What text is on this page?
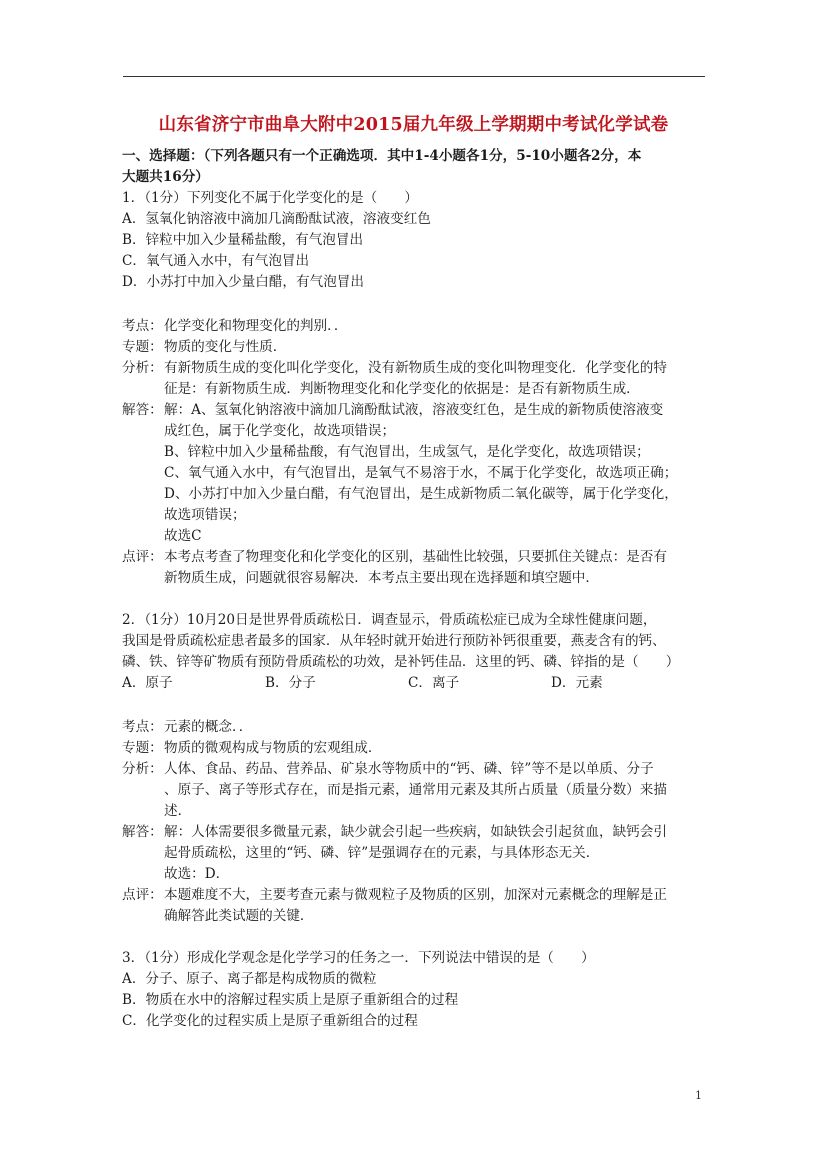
山东省济宁市曲阜大附中2015届九年级上学期期中考试化学试卷
一、选择题：（下列各题只有一个正确选项．其中1-4小题各1分，5-10小题各2分，本
大题共16分）
1．（1分）下列变化不属于化学变化的是（　　）
A．氢氧化钠溶液中滴加几滴酚酞试液，溶液变红色
B．锌粒中加入少量稀盐酸，有气泡冒出
C．氧气通入水中，有气泡冒出
D．小苏打中加入少量白醋，有气泡冒出
考点： 化学变化和物理变化的判别．．
专题： 物质的变化与性质．
分析： 有新物质生成的变化叫化学变化，没有新物质生成的变化叫物理变化．化学变化的特
征是：有新物质生成．判断物理变化和化学变化的依据是：是否有新物质生成．
解答： 解：A、氢氧化钠溶液中滴加几滴酚酞试液，溶液变红色，是生成的新物质使溶液变
成红色，属于化学变化，故选项错误；
B、锌粒中加入少量稀盐酸，有气泡冒出，生成氢气，是化学变化，故选项错误；
C、氧气通入水中，有气泡冒出，是氧气不易溶于水，不属于化学变化，故选项正确；
D、小苏打中加入少量白醋，有气泡冒出，是生成新物质二氧化碳等，属于化学变化，
故选项错误；
故选C
点评： 本考点考查了物理变化和化学变化的区别，基础性比较强，只要抓住关键点：是否有
新物质生成，问题就很容易解决．本考点主要出现在选择题和填空题中．
2．（1分）10月20日是世界骨质疏松日．调查显示，骨质疏松症已成为全球性健康问题，
我国是骨质疏松症患者最多的国家．从年轻时就开始进行预防补钙很重要，燕麦含有的钙、
磷、铁、锌等矿物质有预防骨质疏松的功效，是补钙佳品．这里的钙、磷、锌指的是（　　）
A．原子	B．分子	C．离子	D．元素
考点： 元素的概念．．
专题： 物质的微观构成与物质的宏观组成．
分析： 人体、食品、药品、营养品、矿泉水等物质中的“钙、磷、锌”等不是以单质、分子
、原子、离子等形式存在，而是指元素，通常用元素及其所占质量（质量分数）来描
述．
解答： 解：人体需要很多微量元素，缺少就会引起一些疾病，如缺铁会引起贫血，缺钙会引
起骨质疏松，这里的“钙、磷、锌”是强调存在的元素，与具体形态无关．
故选：D．
点评： 本题难度不大，主要考查元素与微观粒子及物质的区别，加深对元素概念的理解是正
确解答此类试题的关键．
3．（1分）形成化学观念是化学学习的任务之一．下列说法中错误的是（　　）
A．分子、原子、离子都是构成物质的微粒
B．物质在水中的溶解过程实质上是原子重新组合的过程
C．化学变化的过程实质上是原子重新组合的过程
1
